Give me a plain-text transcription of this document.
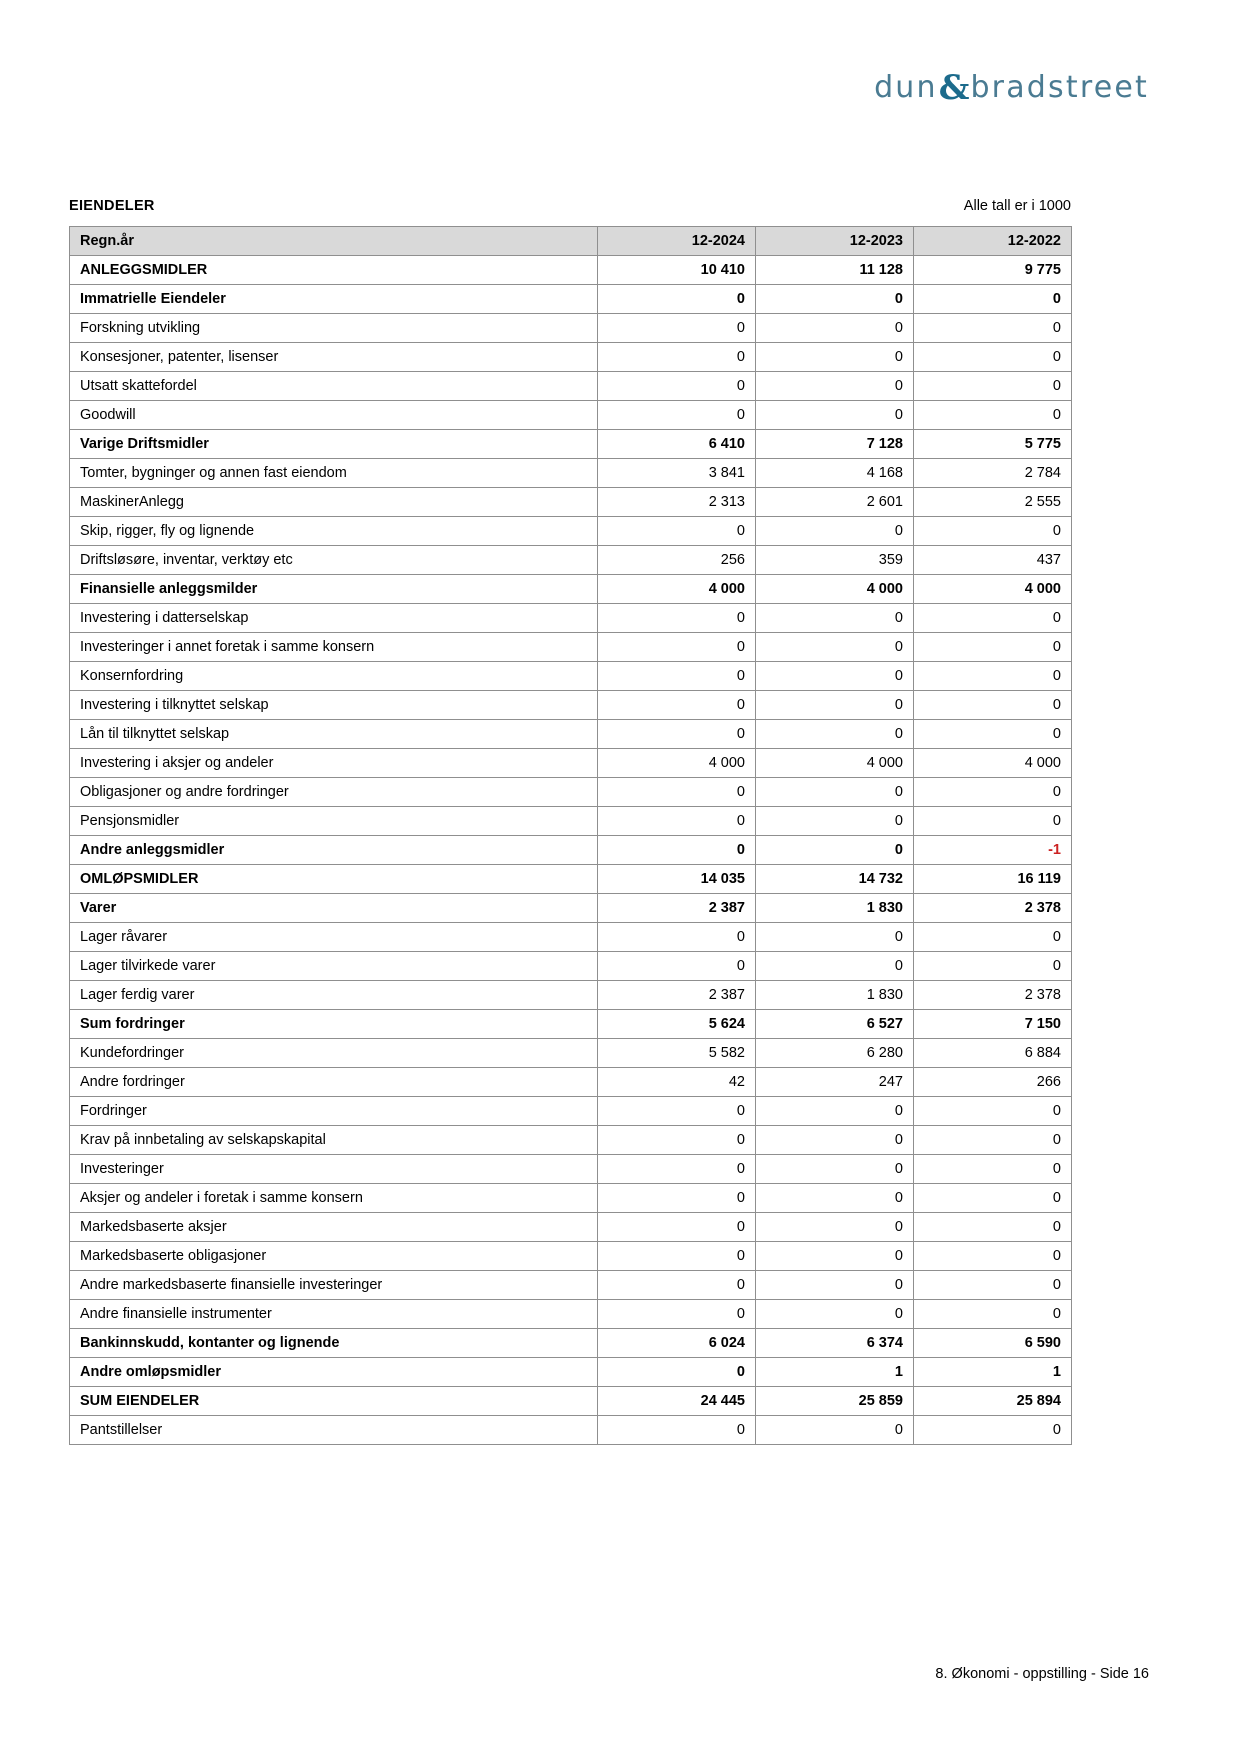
dun & bradstreet
EIENDELER	Alle tall er i 1000
Regn.år	12-2024	12-2023	12-2022
ANLEGGSMIDLER	10 410	11 128	9 775
Immatrielle Eiendeler	0	0	0
Forskning utvikling	0	0	0
Konsesjoner, patenter, lisenser	0	0	0
Utsatt skattefordel	0	0	0
Goodwill	0	0	0
Varige Driftsmidler	6 410	7 128	5 775
Tomter, bygninger og annen fast eiendom	3 841	4 168	2 784
MaskinerAnlegg	2 313	2 601	2 555
Skip, rigger, fly og lignende	0	0	0
Driftsløsøre, inventar, verktøy etc	256	359	437
Finansielle anleggsmilder	4 000	4 000	4 000
Investering i datterselskap	0	0	0
Investeringer i annet foretak i samme konsern	0	0	0
Konsernfordring	0	0	0
Investering i tilknyttet selskap	0	0	0
Lån til tilknyttet selskap	0	0	0
Investering i aksjer og andeler	4 000	4 000	4 000
Obligasjoner og andre fordringer	0	0	0
Pensjonsmidler	0	0	0
Andre anleggsmidler	0	0	-1
OMLØPSMIDLER	14 035	14 732	16 119
Varer	2 387	1 830	2 378
Lager råvarer	0	0	0
Lager tilvirkede varer	0	0	0
Lager ferdig varer	2 387	1 830	2 378
Sum fordringer	5 624	6 527	7 150
Kundefordringer	5 582	6 280	6 884
Andre fordringer	42	247	266
Fordringer	0	0	0
Krav på innbetaling av selskapskapital	0	0	0
Investeringer	0	0	0
Aksjer og andeler i foretak i samme konsern	0	0	0
Markedsbaserte aksjer	0	0	0
Markedsbaserte obligasjoner	0	0	0
Andre markedsbaserte finansielle investeringer	0	0	0
Andre finansielle instrumenter	0	0	0
Bankinnskudd, kontanter og lignende	6 024	6 374	6 590
Andre omløpsmidler	0	1	1
SUM EIENDELER	24 445	25 859	25 894
Pantstillelser	0	0	0
8. Økonomi - oppstilling - Side 16
